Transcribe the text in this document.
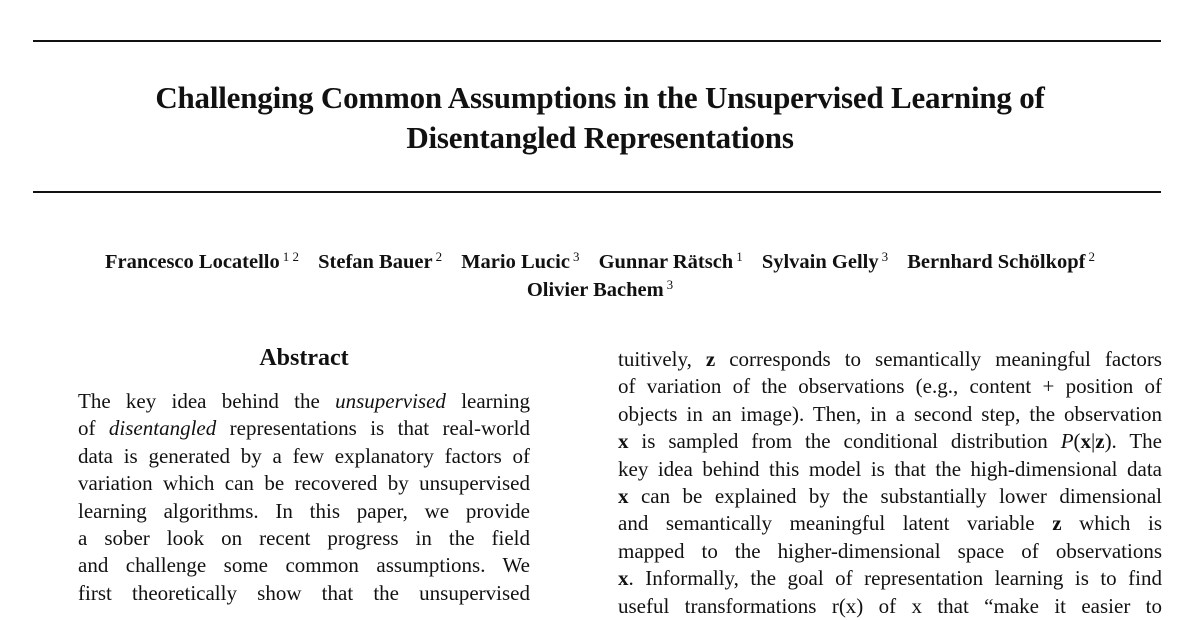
Challenging Common Assumptions in the Unsupervised Learning of
Disentangled Representations
Francesco Locatello $^{1 2}$ Stefan Bauer $^2$ Mario Lucic $^3$ Gunnar Rätsch $^1$ Sylvain Gelly $^3$ Bernhard Schölkopf $^2$
Olivier Bachem $^3$
Abstract
The key idea behind the unsupervised learning
of disentangled representations is that real-world
data is generated by a few explanatory factors of
variation which can be recovered by unsupervised
learning algorithms. In this paper, we provide
a sober look on recent progress in the field
and challenge some common assumptions. We
first theoretically show that the unsupervised
tuitively, z corresponds to semantically meaningful factors
of variation of the observations (e.g., content + position of
objects in an image). Then, in a second step, the observation
x is sampled from the conditional distribution P(x|z). The
key idea behind this model is that the high-dimensional data
x can be explained by the substantially lower dimensional
and semantically meaningful latent variable z which is
mapped to the higher-dimensional space of observations
x. Informally, the goal of representation learning is to find
useful transformations r(x) of x that “make it easier to
